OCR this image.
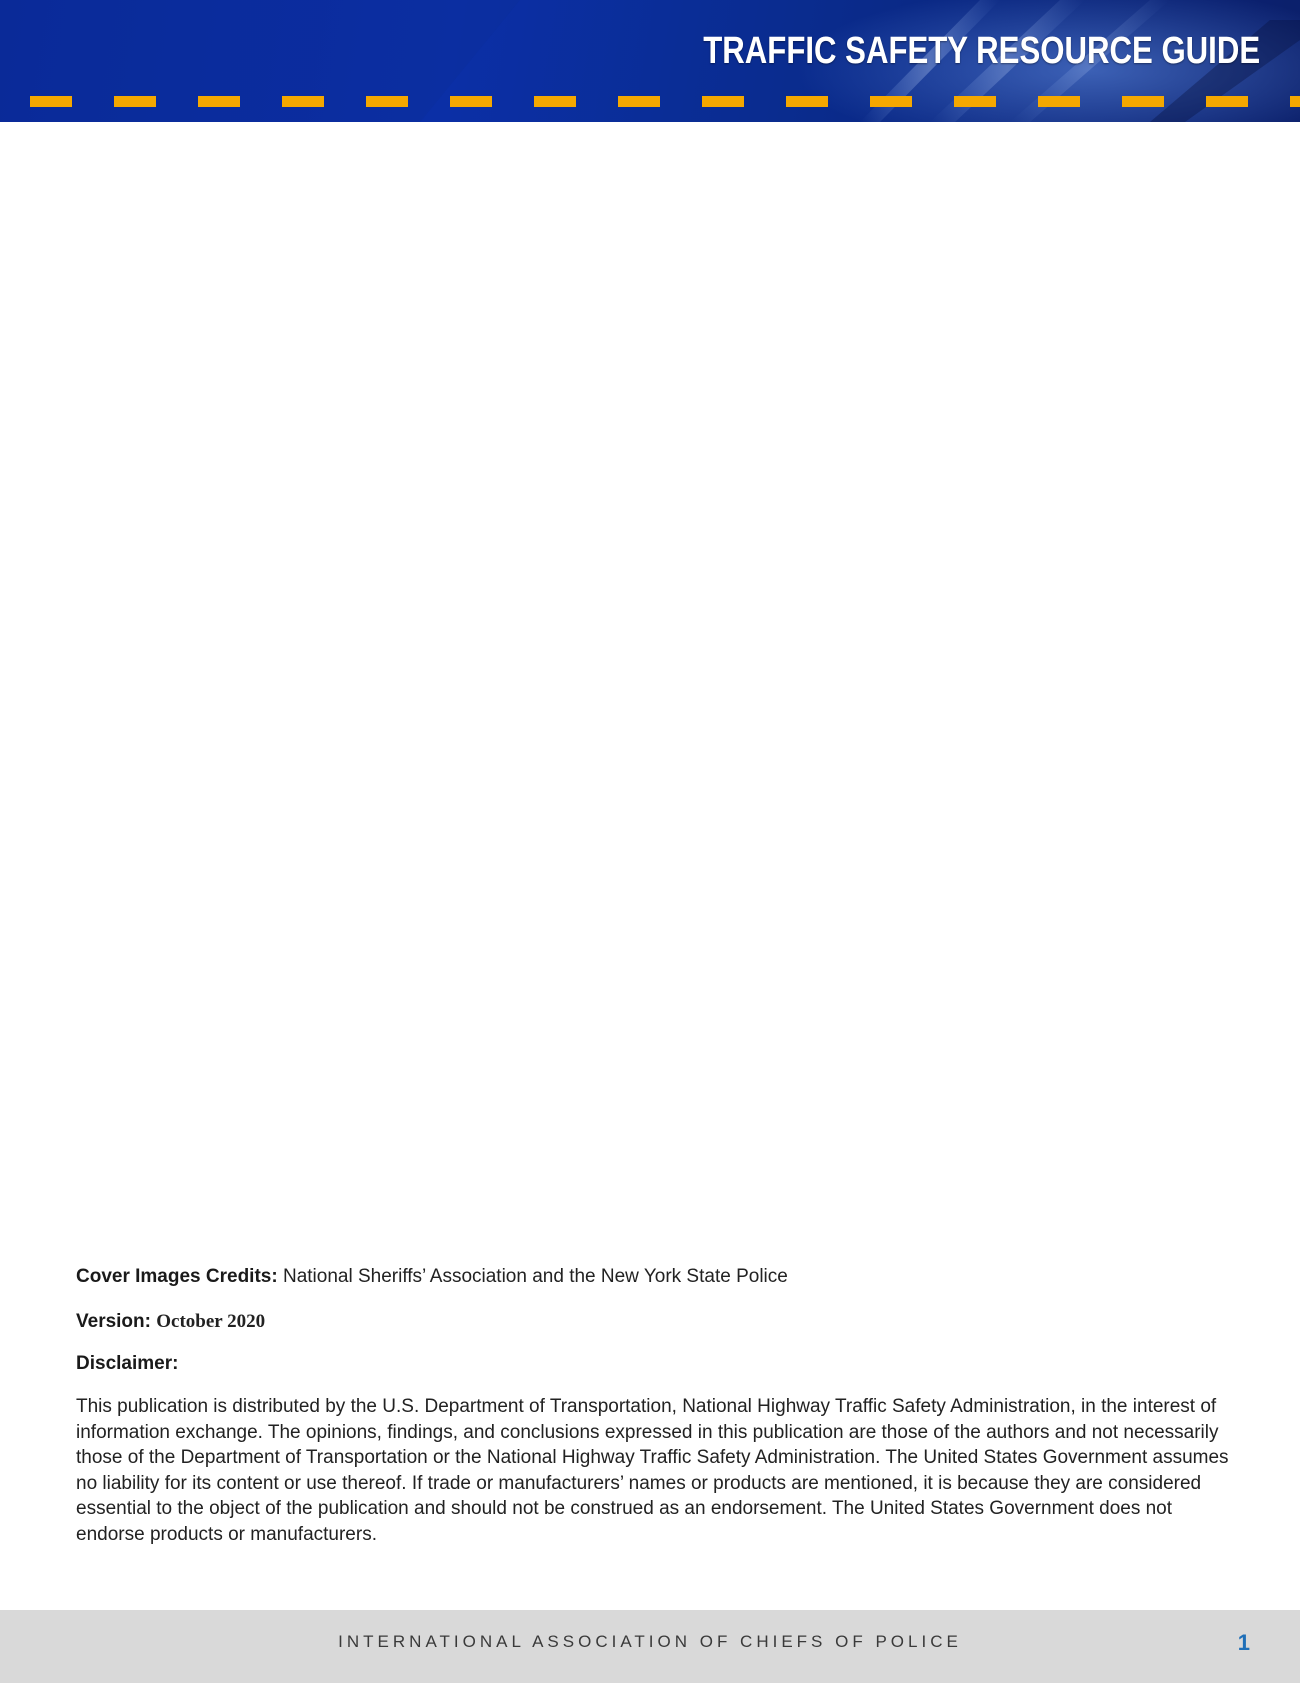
TRAFFIC SAFETY RESOURCE GUIDE

Cover Images Credits: National Sheriffs’ Association and the New York State Police

Version: October 2020

Disclaimer:

This publication is distributed by the U.S. Department of Transportation, National Highway Traffic Safety Administration, in the interest of information exchange. The opinions, findings, and conclusions expressed in this publication are those of the authors and not necessarily those of the Department of Transportation or the National Highway Traffic Safety Administration. The United States Government assumes no liability for its content or use thereof. If trade or manufacturers’ names or products are mentioned, it is because they are considered essential to the object of the publication and should not be construed as an endorsement. The United States Government does not endorse products or manufacturers.

INTERNATIONAL ASSOCIATION OF CHIEFS OF POLICE	1
